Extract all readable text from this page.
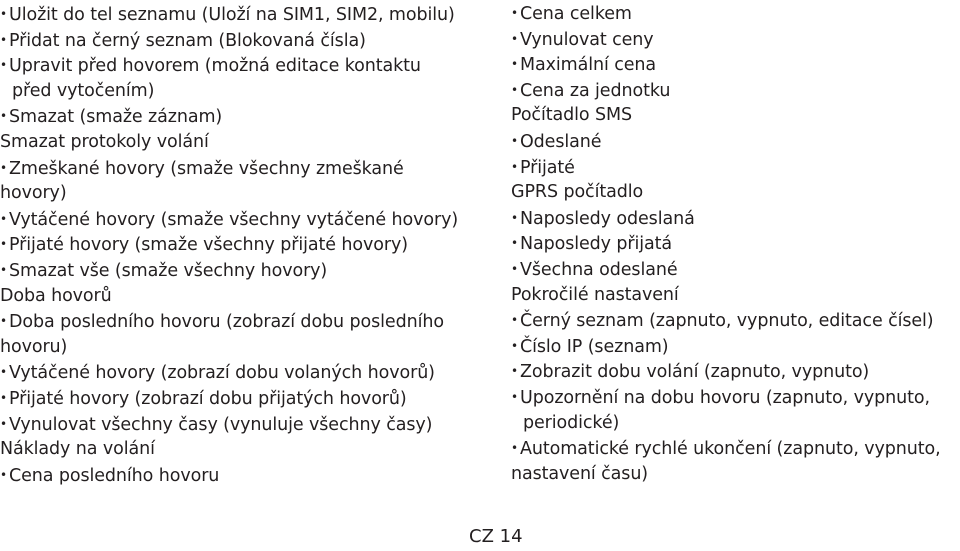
• Uložit do tel seznamu (Uloží na SIM1, SIM2, mobilu)
• Přidat na černý seznam (Blokovaná čísla)
• Upravit před hovorem (možná editace kontaktu
před vytočením)
• Smazat (smaže záznam)
Smazat protokoly volání
• Zmeškané hovory (smaže všechny zmeškané
hovory)
• Vytáčené hovory (smaže všechny vytáčené hovory)
• Přijaté hovory (smaže všechny přijaté hovory)
• Smazat vše (smaže všechny hovory)
Doba hovorů
• Doba posledního hovoru (zobrazí dobu posledního
hovoru)
• Vytáčené hovory (zobrazí dobu volaných hovorů)
• Přijaté hovory (zobrazí dobu přijatých hovorů)
• Vynulovat všechny časy (vynuluje všechny časy)
Náklady na volání
• Cena posledního hovoru
• Cena celkem
• Vynulovat ceny
• Maximální cena
• Cena za jednotku
Počítadlo SMS
• Odeslané
• Přijaté
GPRS počítadlo
• Naposledy odeslaná
• Naposledy přijatá
• Všechna odeslané
Pokročilé nastavení
• Černý seznam (zapnuto, vypnuto, editace čísel)
• Číslo IP (seznam)
• Zobrazit dobu volání (zapnuto, vypnuto)
• Upozornění na dobu hovoru (zapnuto, vypnuto,
periodické)
• Automatické rychlé ukončení (zapnuto, vypnuto,
nastavení času)
CZ 14
